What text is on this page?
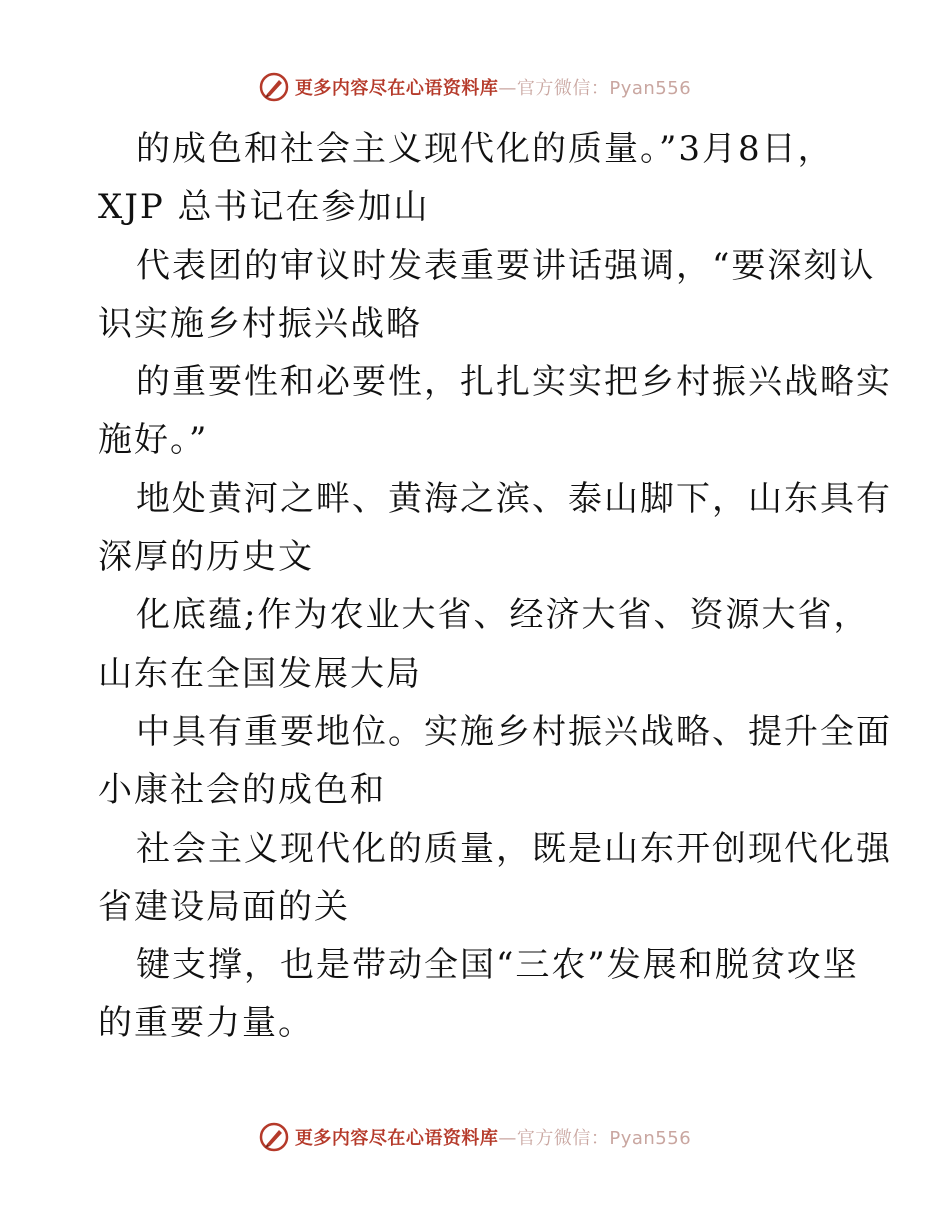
更多内容尽在心语资料库—官方微信：Pyan556
的成色和社会主义现代化的质量。”3月8日，
XJP 总书记在参加山
代表团的审议时发表重要讲话强调，“要深刻认
识实施乡村振兴战略
的重要性和必要性，扎扎实实把乡村振兴战略实
施好。”
地处黄河之畔、黄海之滨、泰山脚下，山东具有
深厚的历史文
化底蕴;作为农业大省、经济大省、资源大省，
山东在全国发展大局
中具有重要地位。实施乡村振兴战略、提升全面
小康社会的成色和
社会主义现代化的质量，既是山东开创现代化强
省建设局面的关
键支撑，也是带动全国“三农”发展和脱贫攻坚
的重要力量。
更多内容尽在心语资料库—官方微信：Pyan556
